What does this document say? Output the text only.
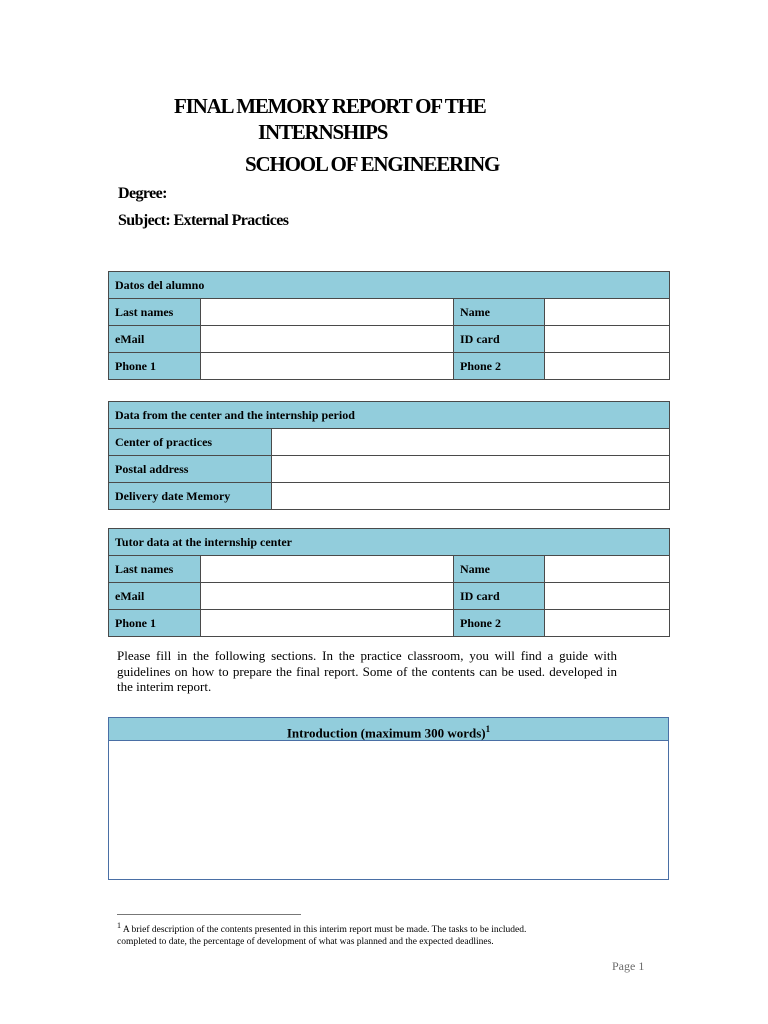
FINAL MEMORY REPORT OF THE
INTERNSHIPS
SCHOOL OF ENGINEERING
Degree:
Subject: External Practices
Datos del alumno			
Last names		Name	
eMail		ID card	
Phone 1		Phone 2	
Data from the center and the internship period	
Center of practices	
Postal address	
Delivery date Memory	
Tutor data at the internship center			
Last names		Name	
eMail		ID card	
Phone 1		Phone 2	
Please fill in the following sections. In the practice classroom, you will find a guide with guidelines on how to prepare the final report. Some of the contents can be used. developed in the interim report.
Introduction (maximum 300 words)$^1$
$^1$ A brief description of the contents presented in this interim report must be made. The tasks to be included.
completed to date, the percentage of development of what was planned and the expected deadlines.
Page 1
